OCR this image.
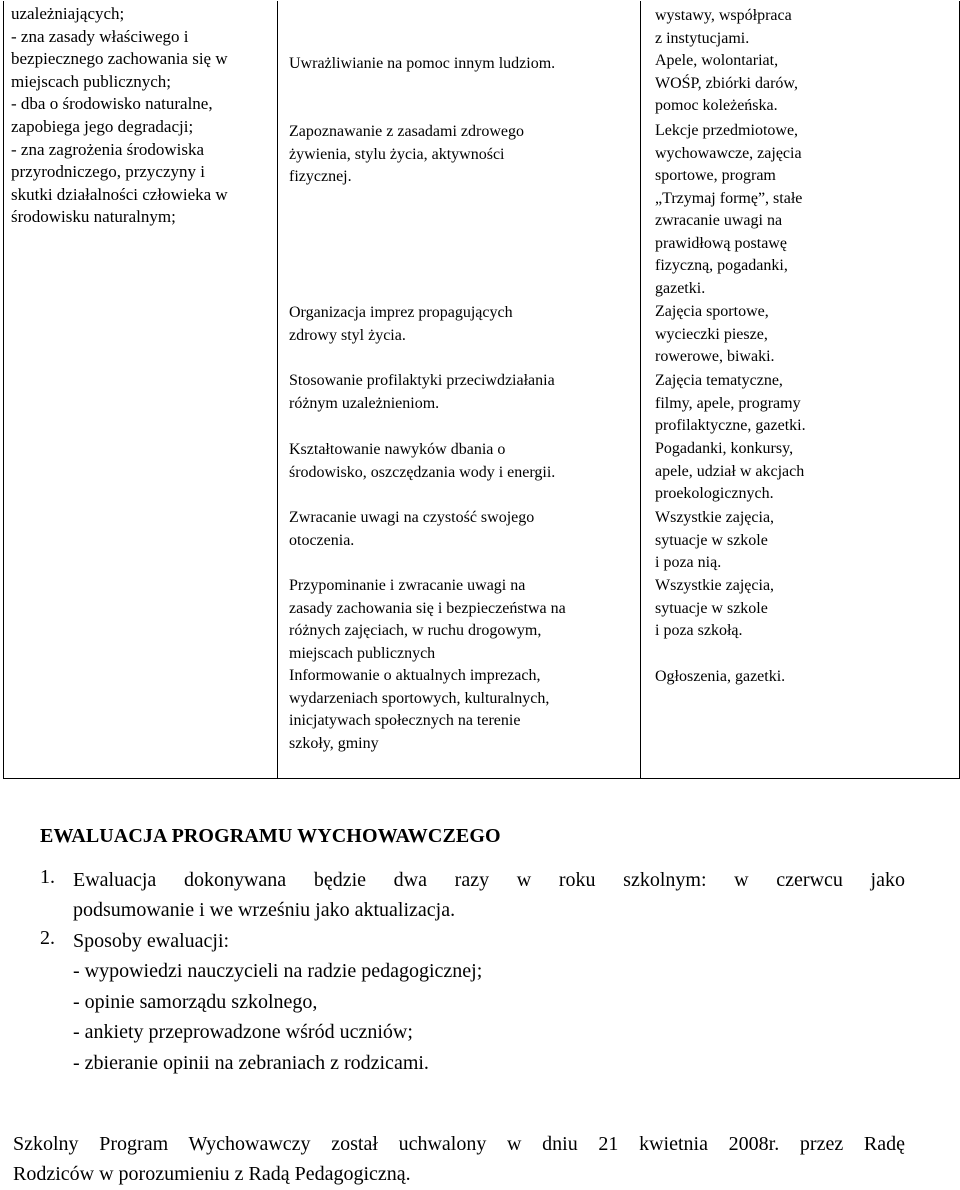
uzależniających;
- zna zasady właściwego i
bezpiecznego zachowania się w
miejscach publicznych;
- dba o środowisko naturalne,
zapobiega jego degradacji;
- zna zagrożenia środowiska
przyrodniczego, przyczyny i
skutki działalności człowieka w
środowisku naturalnym;
Uwrażliwianie na pomoc innym ludziom.
Zapoznawanie z zasadami zdrowego
żywienia, stylu życia, aktywności
fizycznej.
Organizacja imprez propagujących
zdrowy styl życia.
Stosowanie profilaktyki przeciwdziałania
różnym uzależnieniom.
Kształtowanie nawyków dbania o
środowisko, oszczędzania wody i energii.
Zwracanie uwagi na czystość swojego
otoczenia.
Przypominanie i zwracanie uwagi na
zasady zachowania się i bezpieczeństwa na
różnych zajęciach, w ruchu drogowym,
miejscach publicznych
Informowanie o aktualnych imprezach,
wydarzeniach sportowych, kulturalnych,
inicjatywach społecznych na terenie
szkoły, gminy
wystawy, współpraca
z instytucjami.
Apele, wolontariat,
WOŚP, zbiórki darów,
pomoc koleżeńska.
Lekcje przedmiotowe,
wychowawcze, zajęcia
sportowe, program
„Trzymaj formę”, stałe
zwracanie uwagi na
prawidłową postawę
fizyczną, pogadanki,
gazetki.
Zajęcia sportowe,
wycieczki piesze,
rowerowe, biwaki.
Zajęcia tematyczne,
filmy, apele, programy
profilaktyczne, gazetki.
Pogadanki, konkursy,
apele, udział w akcjach
proekologicznych.
Wszystkie zajęcia,
sytuacje w szkole
i poza nią.
Wszystkie zajęcia,
sytuacje w szkole
i poza szkołą.
Ogłoszenia, gazetki.
EWALUACJA PROGRAMU WYCHOWAWCZEGO
1. Ewaluacja dokonywana będzie dwa razy w roku szkolnym: w czerwcu jako
podsumowanie i we wrześniu jako aktualizacja.
2. Sposoby ewaluacji:
- wypowiedzi nauczycieli na radzie pedagogicznej;
- opinie samorządu szkolnego,
- ankiety przeprowadzone wśród uczniów;
- zbieranie opinii na zebraniach z rodzicami.
Szkolny Program Wychowawczy został uchwalony w dniu 21 kwietnia 2008r. przez Radę
Rodziców w porozumieniu z Radą Pedagogiczną.
